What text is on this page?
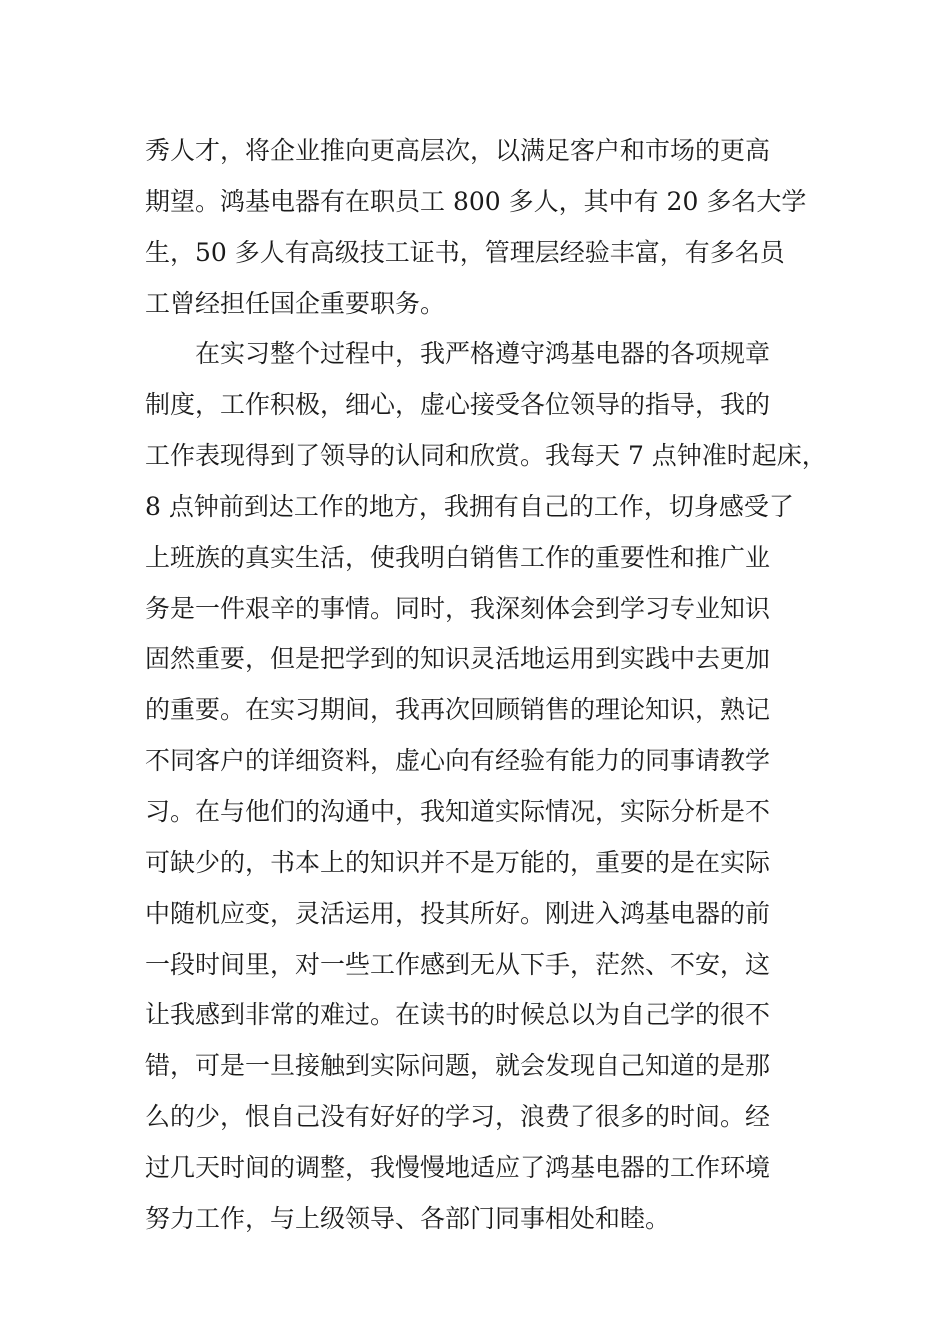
秀人才，将企业推向更高层次，以满足客户和市场的更高
期望。鸿基电器有在职员工 800 多人，其中有 20 多名大学
生，50 多人有高级技工证书，管理层经验丰富，有多名员
工曾经担任国企重要职务。
　　在实习整个过程中，我严格遵守鸿基电器的各项规章
制度，工作积极，细心，虚心接受各位领导的指导，我的
工作表现得到了领导的认同和欣赏。我每天 7 点钟准时起床，
8 点钟前到达工作的地方，我拥有自己的工作，切身感受了
上班族的真实生活，使我明白销售工作的重要性和推广业
务是一件艰辛的事情。同时，我深刻体会到学习专业知识
固然重要，但是把学到的知识灵活地运用到实践中去更加
的重要。在实习期间，我再次回顾销售的理论知识，熟记
不同客户的详细资料，虚心向有经验有能力的同事请教学
习。在与他们的沟通中，我知道实际情况，实际分析是不
可缺少的，书本上的知识并不是万能的，重要的是在实际
中随机应变，灵活运用，投其所好。刚进入鸿基电器的前
一段时间里，对一些工作感到无从下手，茫然、不安，这
让我感到非常的难过。在读书的时候总以为自己学的很不
错，可是一旦接触到实际问题，就会发现自己知道的是那
么的少，恨自己没有好好的学习，浪费了很多的时间。经
过几天时间的调整，我慢慢地适应了鸿基电器的工作环境
努力工作，与上级领导、各部门同事相处和睦。
